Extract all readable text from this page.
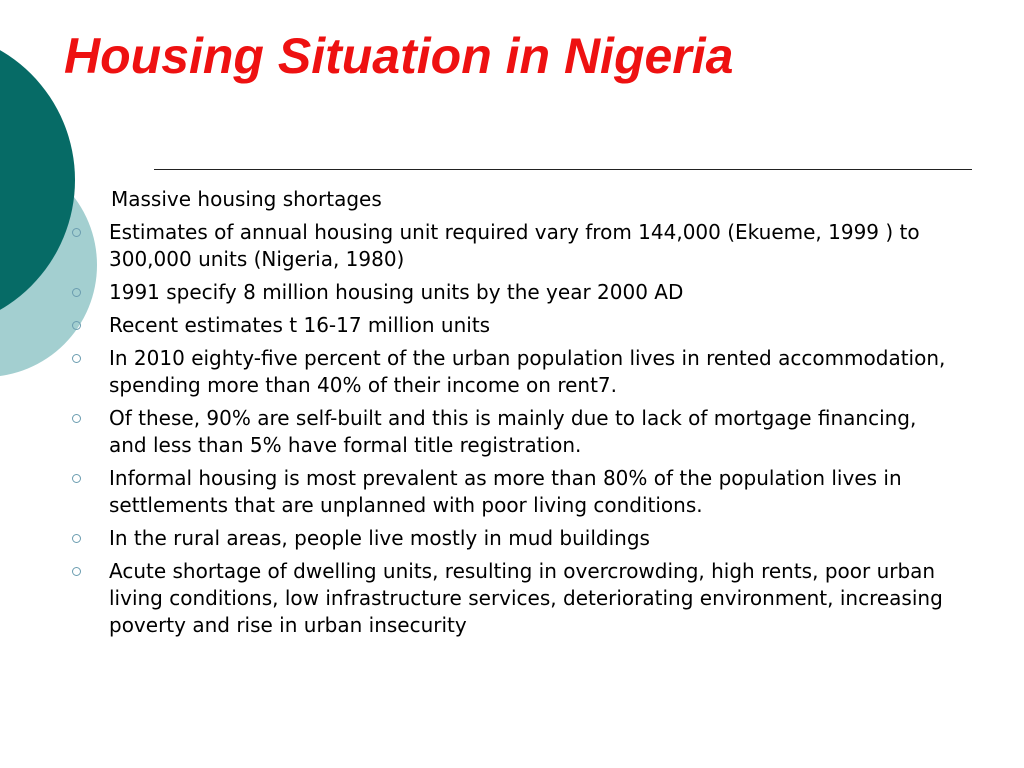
Housing Situation in Nigeria

Massive housing shortages

Estimates of annual housing unit required vary from 144,000 (Ekueme, 1999 ) to 300,000 units (Nigeria, 1980)
1991 specify 8 million housing units by the year 2000 AD
Recent estimates t 16-17 million units
In 2010 eighty-five percent of the urban population lives in rented accommodation, spending more than 40% of their income on rent7.
Of these, 90% are self-built and this is mainly due to lack of mortgage financing, and less than 5% have formal title registration.
Informal housing is most prevalent as more than 80% of the population lives in settlements that are unplanned with poor living conditions.
In the rural areas, people live mostly in mud buildings
Acute shortage of dwelling units, resulting in overcrowding, high rents, poor urban living conditions, low infrastructure services, deteriorating environment, increasing poverty and rise in urban insecurity
